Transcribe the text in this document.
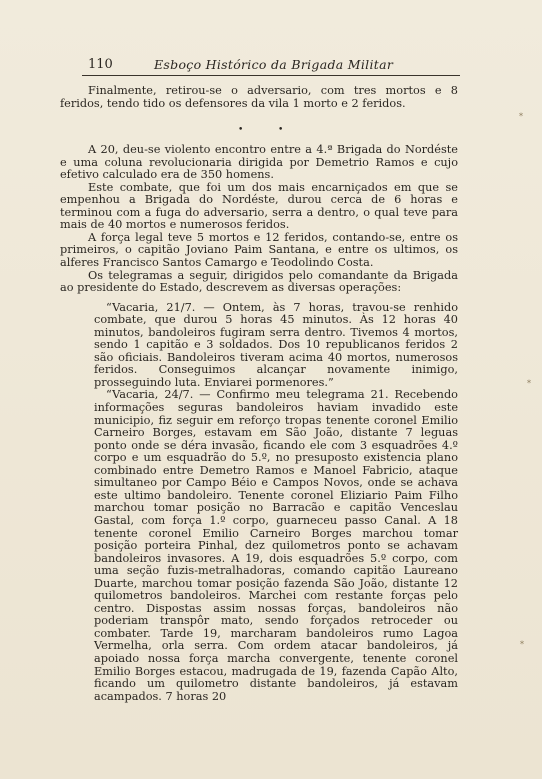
110	Esboço Histórico da Brigada Militar

Finalmente, retirou-se o adversario, com tres mortos e 8 feridos, tendo tido os defensores da vila 1 morto e 2 feridos.

•	•

A 20, deu-se violento encontro entre a 4.ª Brigada do Nordéste e uma coluna revolucionaria dirigida por Demetrio Ramos e cujo efetivo calculado era de 350 homens.

Este combate, que foi um dos mais encarniçados em que se empenhou a Brigada do Nordéste, durou cerca de 6 horas e terminou com a fuga do adversario, serra a dentro, o qual teve para mais de 40 mortos e numerosos feridos.

A força legal teve 5 mortos e 12 feridos, contando-se, entre os primeiros, o capitão Joviano Paim Santana, e entre os ultimos, os alferes Francisco Santos Camargo e Teodolindo Costa.

Os telegramas a seguir, dirigidos pelo comandante da Brigada ao presidente do Estado, descrevem as diversas operações:

“Vacaria, 21/7. — Ontem, às 7 horas, travou-se renhido combate, que durou 5 horas 45 minutos. Às 12 horas 40 minutos, bandoleiros fugiram serra dentro. Tivemos 4 mortos, sendo 1 capitão e 3 soldados. Dos 10 republicanos feridos 2 são oficiais. Bandoleiros tiveram acima 40 mortos, numerosos feridos. Conseguimos alcançar novamente inimigo, prosseguindo luta. Enviarei pormenores.”

“Vacaria, 24/7. — Confirmo meu telegrama 21. Recebendo informações seguras bandoleiros haviam invadido este municipio, fiz seguir em reforço tropas tenente coronel Emilio Carneiro Borges, estavam em São João, distante 7 leguas ponto onde se déra invasão, ficando ele com 3 esquadrões 4.º corpo e um esquadrão do 5.º, no presuposto existencia plano combinado entre Demetro Ramos e Manoel Fabricio, ataque simultaneo por Campo Béio e Campos Novos, onde se achava este ultimo bandoleiro. Tenente coronel Eliziario Paim Filho marchou tomar posição no Barracão e capitão Venceslau Gastal, com força 1.º corpo, guarneceu passo Canal. A 18 tenente coronel Emilio Carneiro Borges marchou tomar posição porteira Pinhal, dez quilometros ponto se achavam bandoleiros invasores. A 19, dois esquadrões 5.º corpo, com uma seção fuzis-metralhadoras, comando capitão Laureano Duarte, marchou tomar posição fazenda São João, distante 12 quilometros bandoleiros. Marchei com restante forças pelo centro. Dispostas assim nossas forças, bandoleiros não poderiam transpôr mato, sendo forçados retroceder ou combater. Tarde 19, marcharam bandoleiros rumo Lagoa Vermelha, orla serra. Com ordem atacar bandoleiros, já apoiado nossa força marcha convergente, tenente coronel Emilio Borges estacou, madrugada de 19, fazenda Capão Alto, ficando um quilometro distante bandoleiros, já estavam acampados. 7 horas 20

*
*
*
